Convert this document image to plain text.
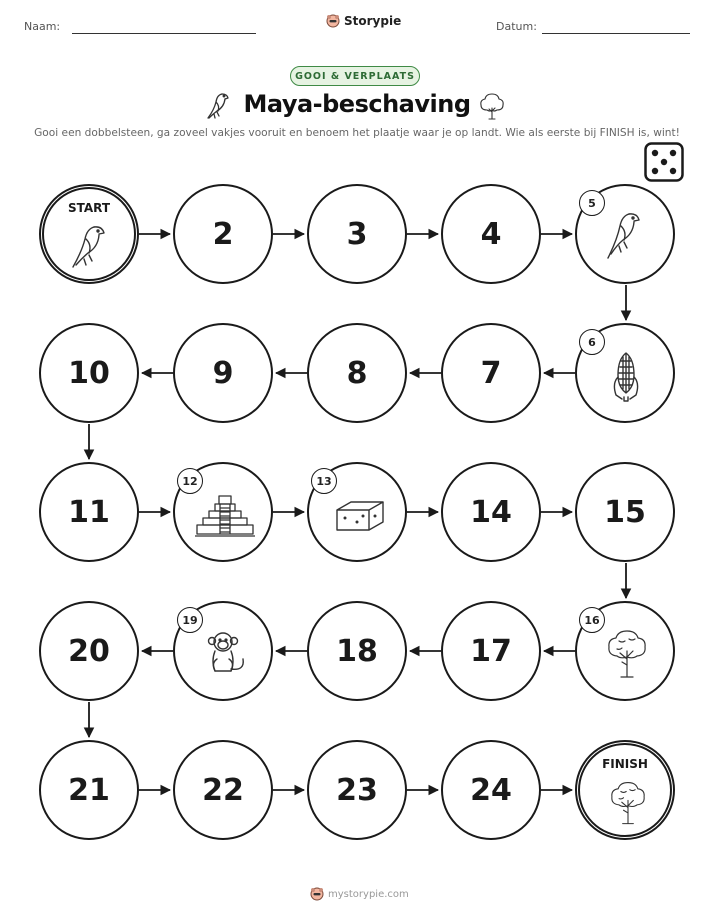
Naam:	Storypie	Datum:
GOOI & VERPLAATS
Maya-beschaving
Gooi een dobbelsteen, ga zoveel vakjes vooruit en benoem het plaatje waar je op landt. Wie als eerste bij FINISH is, wint!
START
2	3	4
5
10	9	8	7
6
11
12	13
14	15
20
19
18	17
16
21	22	23	24
FINISH
mystorypie.com
